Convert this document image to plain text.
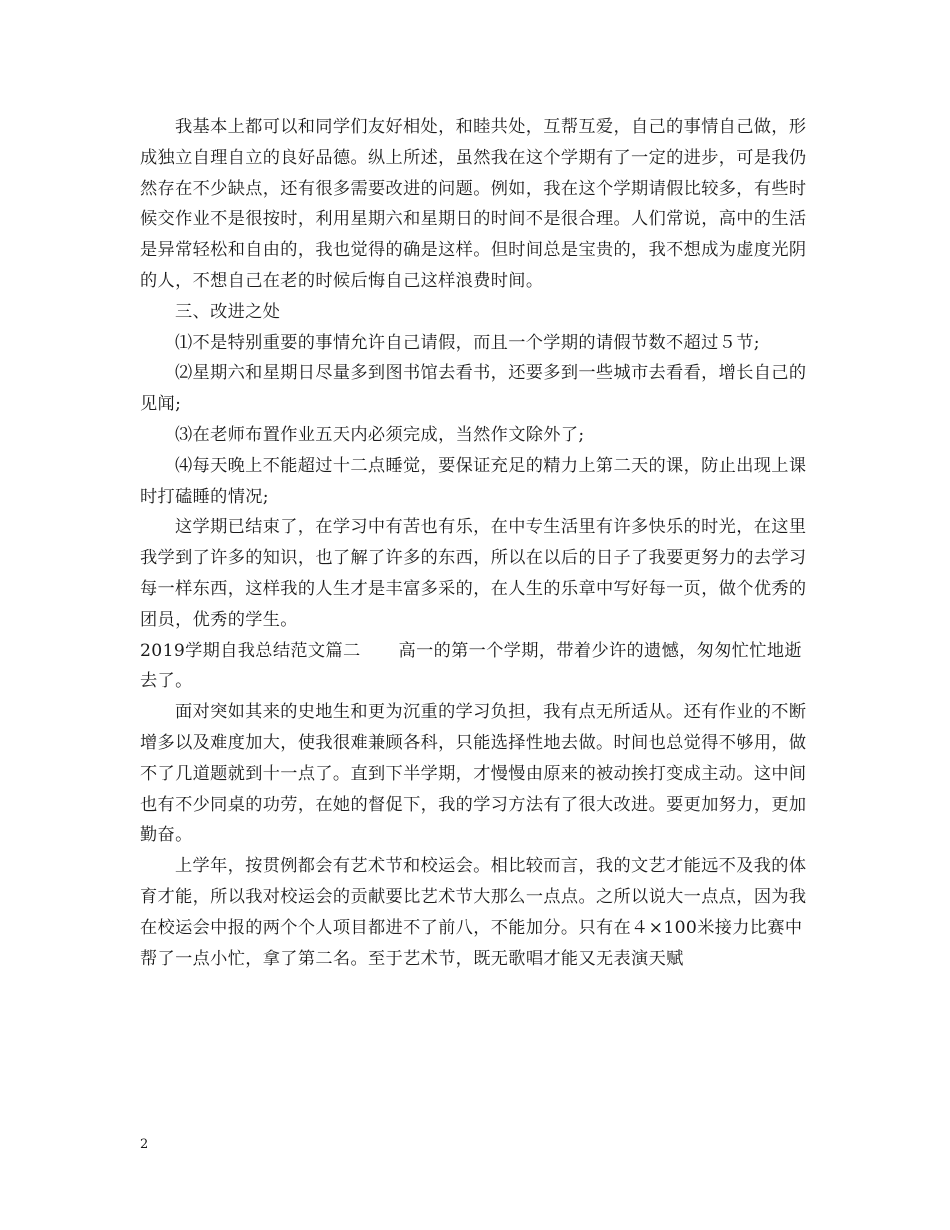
我基本上都可以和同学们友好相处，和睦共处，互帮互爱，自己的事情自己做，形成独立自理自立的良好品德。纵上所述，虽然我在这个学期有了一定的进步，可是我仍然存在不少缺点，还有很多需要改进的问题。例如，我在这个学期请假比较多，有些时候交作业不是很按时，利用星期六和星期日的时间不是很合理。人们常说，高中的生活是异常轻松和自由的，我也觉得的确是这样。但时间总是宝贵的，我不想成为虚度光阴的人，不想自己在老的时候后悔自己这样浪费时间。

三、改进之处

⑴不是特别重要的事情允许自己请假，而且一个学期的请假节数不超过５节;

⑵星期六和星期日尽量多到图书馆去看书，还要多到一些城市去看看，增长自己的见闻;

⑶在老师布置作业五天内必须完成，当然作文除外了;

⑷每天晚上不能超过十二点睡觉，要保证充足的精力上第二天的课，防止出现上课时打磕睡的情况;

这学期已结束了，在学习中有苦也有乐，在中专生活里有许多快乐的时光，在这里我学到了许多的知识，也了解了许多的东西，所以在以后的日子了我要更努力的去学习每一样东西，这样我的人生才是丰富多采的，在人生的乐章中写好每一页，做个优秀的团员，优秀的学生。

2019学期自我总结范文篇二 高一的第一个学期，带着少许的遗憾，匆匆忙忙地逝去了。

面对突如其来的史地生和更为沉重的学习负担，我有点无所适从。还有作业的不断增多以及难度加大，使我很难兼顾各科，只能选择性地去做。时间也总觉得不够用，做不了几道题就到十一点了。直到下半学期，才慢慢由原来的被动挨打变成主动。这中间也有不少同桌的功劳，在她的督促下，我的学习方法有了很大改进。要更加努力，更加勤奋。

上学年，按贯例都会有艺术节和校运会。相比较而言，我的文艺才能远不及我的体育才能，所以我对校运会的贡献要比艺术节大那么一点点。之所以说大一点点，因为我在校运会中报的两个个人项目都进不了前八，不能加分。只有在４×100米接力比赛中帮了一点小忙，拿了第二名。至于艺术节，既无歌唱才能又无表演天赋

2
